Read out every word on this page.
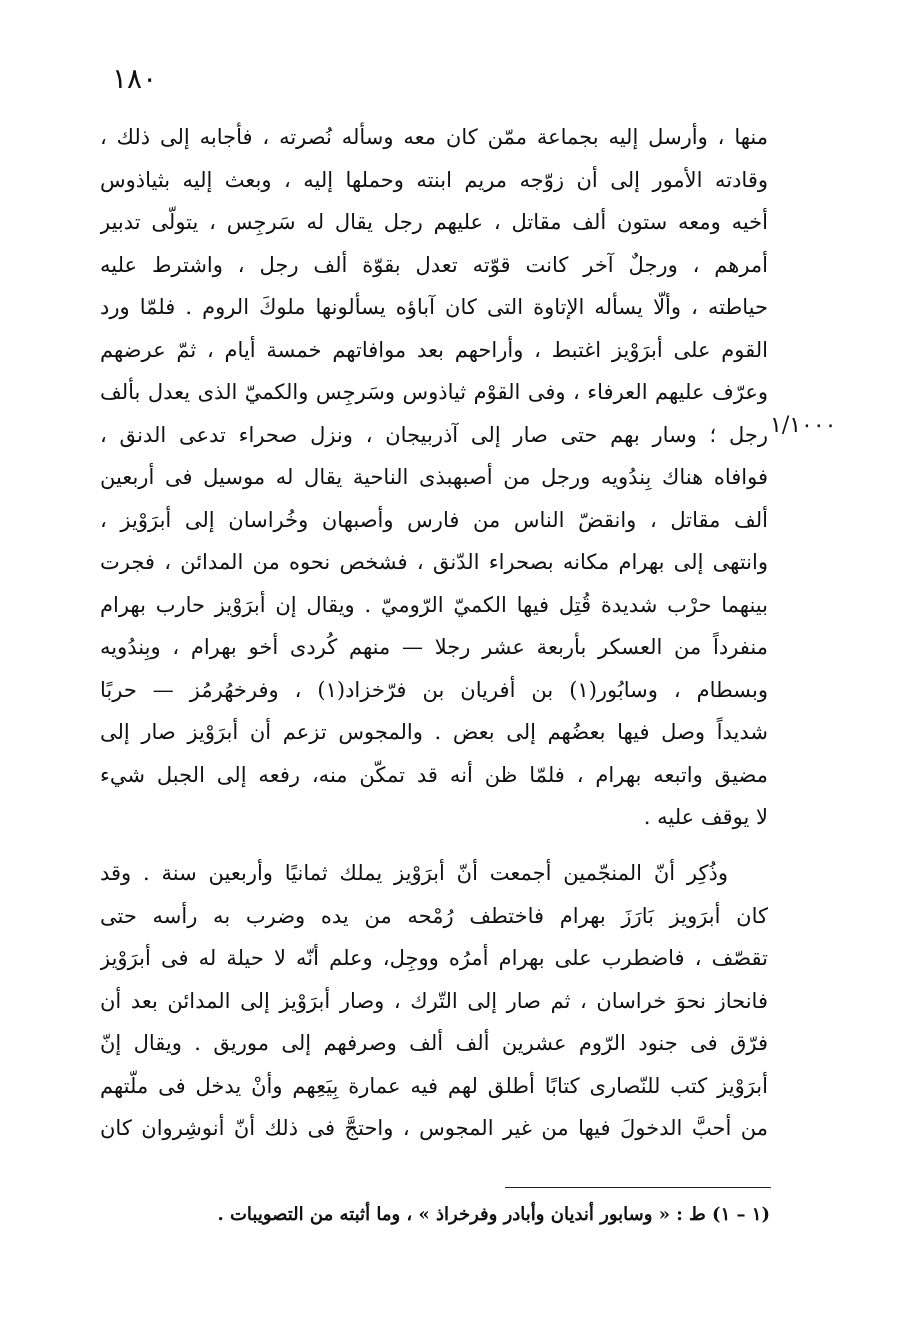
١٨٠
١/١٠٠٠
منها ، وأرسل إليه بجماعة ممّن كان معه وسأله نُصرته ، فأجابه إلى ذلك ،
وقادته الأمور إلى أن زوّجه مريم ابنته وحملها إليه ، وبعث إليه بثياذوس
أخيه ومعه ستون ألف مقاتل ، عليهم رجل يقال له سَرجِس ، يتولّى تدبير
أمرهم ، ورجلٌ آخر كانت قوّته تعدل بقوّة ألف رجل ، واشترط عليه
حياطته ، وألّا يسأله الإتاوة التى كان آباؤه يسألونها ملوكَ الروم . فلمّا ورد
القوم على أبرَوْيز اغتبط ، وأراحهم بعد موافاتهم خمسة أيام ، ثمّ عرضهم
وعرّف عليهم العرفاء ، وفى القوْم ثياذوس وسَرجِس والكميّ الذى يعدل بألف
رجل ؛ وسار بهم حتى صار إلى آذربيجان ، ونزل صحراء تدعى الدنق ،
فوافاه هناك بِندُويه ورجل من أصبهبذى الناحية يقال له موسيل فى أربعين
ألف مقاتل ، وانقضّ الناس من فارس وأصبهان وخُراسان إلى أبرَوْيز ،
وانتهى إلى بهرام مكانه بصحراء الدّنق ، فشخص نحوه من المدائن ، فجرت
بينهما حرْب شديدة قُتِل فيها الكميّ الرّوميّ . ويقال إن أبرَوْيز حارب بهرام
منفرداً من العسكر بأربعة عشر رجلا — منهم كُردى أخو بهرام ، وبِندُويه
وبسطام ، وسابُور(١) بن أفريان بن فرّخزاد(١) ، وفرخهُرمُز — حربًا
شديداً وصل فيها بعضُهم إلى بعض . والمجوس تزعم أن أبرَوْيز صار إلى
مضيق واتبعه بهرام ، فلمّا ظن أنه قد تمكّن منه، رفعه إلى الجبل شيء
لا يوقف عليه .
وذُكِر أنّ المنجّمين أجمعت أنّ أبرَوْيز يملك ثمانيًا وأربعين سنة . وقد
كان أبرَويز بَارَزَ بهرام فاختطف رُمْحه من يده وضرب به رأسه حتى
تقصّف ، فاضطرب على بهرام أمرُه ووجِل، وعلم أنّه لا حيلة له فى أبرَوْيز
فانحاز نحوَ خراسان ، ثم صار إلى التّرك ، وصار أبرَوْيز إلى المدائن بعد أن
فرّق فى جنود الرّوم عشرين ألف ألف وصرفهم إلى موريق . ويقال إنّ
أبرَوْيز كتب للنّصارى كتابًا أطلق لهم فيه عمارة بِيَعِهم وأنْ يدخل فى ملّتهم
من أحبَّ الدخولَ فيها من غير المجوس ، واحتجَّ فى ذلك أنّ أنوشِروان كان
(١ – ١) ط : « وسابور أنديان وأبادر وفرخراذ » ، وما أثبته من التصويبات .
